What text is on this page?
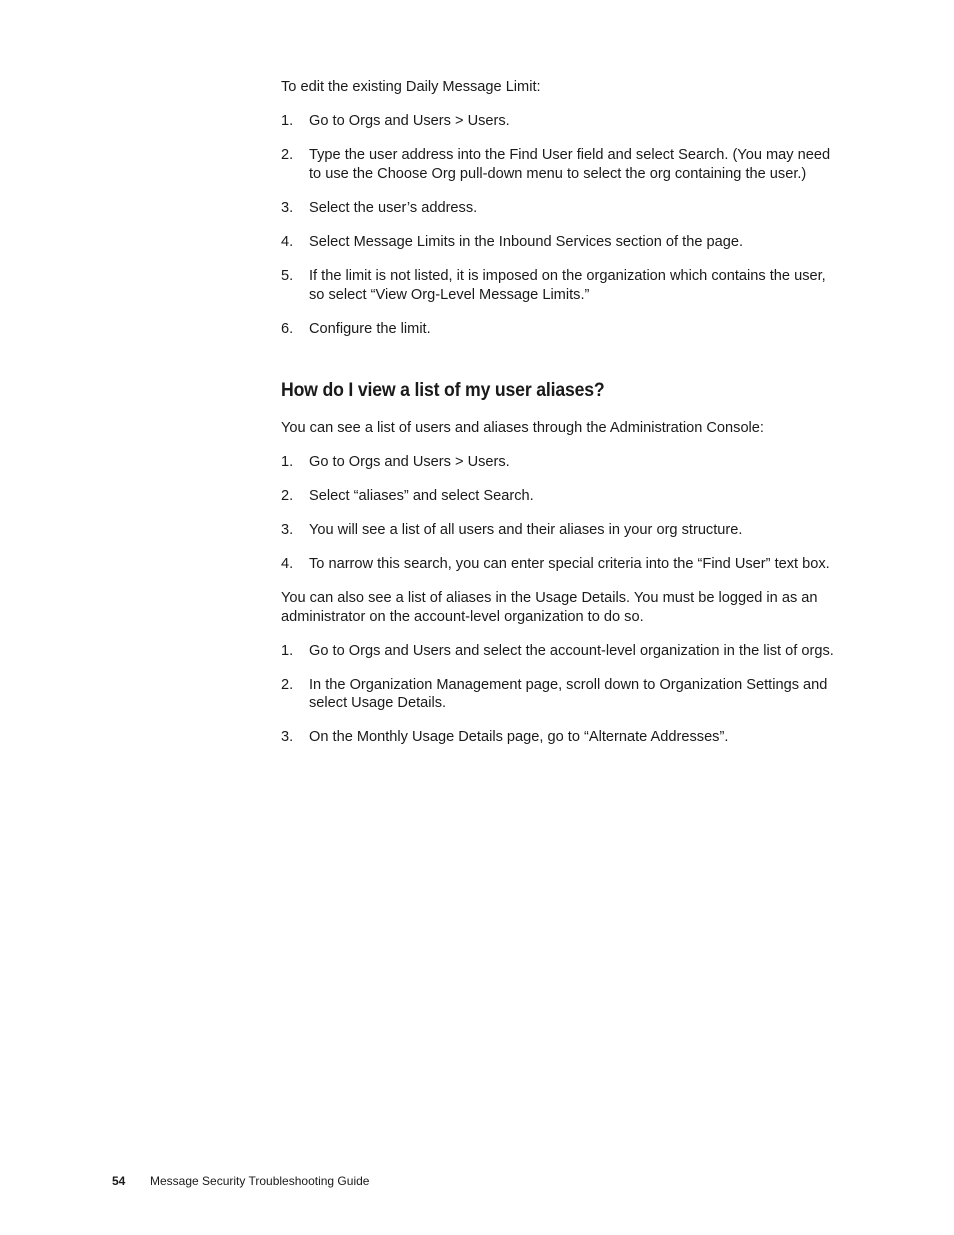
To edit the existing Daily Message Limit:

1. Go to Orgs and Users > Users.
2. Type the user address into the Find User field and select Search. (You may need to use the Choose Org pull-down menu to select the org containing the user.)
3. Select the user’s address.
4. Select Message Limits in the Inbound Services section of the page.
5. If the limit is not listed, it is imposed on the organization which contains the user, so select “View Org-Level Message Limits.”
6. Configure the limit.
How do I view a list of my user aliases?

You can see a list of users and aliases through the Administration Console:

1. Go to Orgs and Users > Users.
2. Select “aliases” and select Search.
3. You will see a list of all users and their aliases in your org structure.
4. To narrow this search, you can enter special criteria into the “Find User” text box.

You can also see a list of aliases in the Usage Details. You must be logged in as an administrator on the account-level organization to do so.

1. Go to Orgs and Users and select the account-level organization in the list of orgs.
2. In the Organization Management page, scroll down to Organization Settings and select Usage Details.
3. On the Monthly Usage Details page, go to “Alternate Addresses”.
54 Message Security Troubleshooting Guide
